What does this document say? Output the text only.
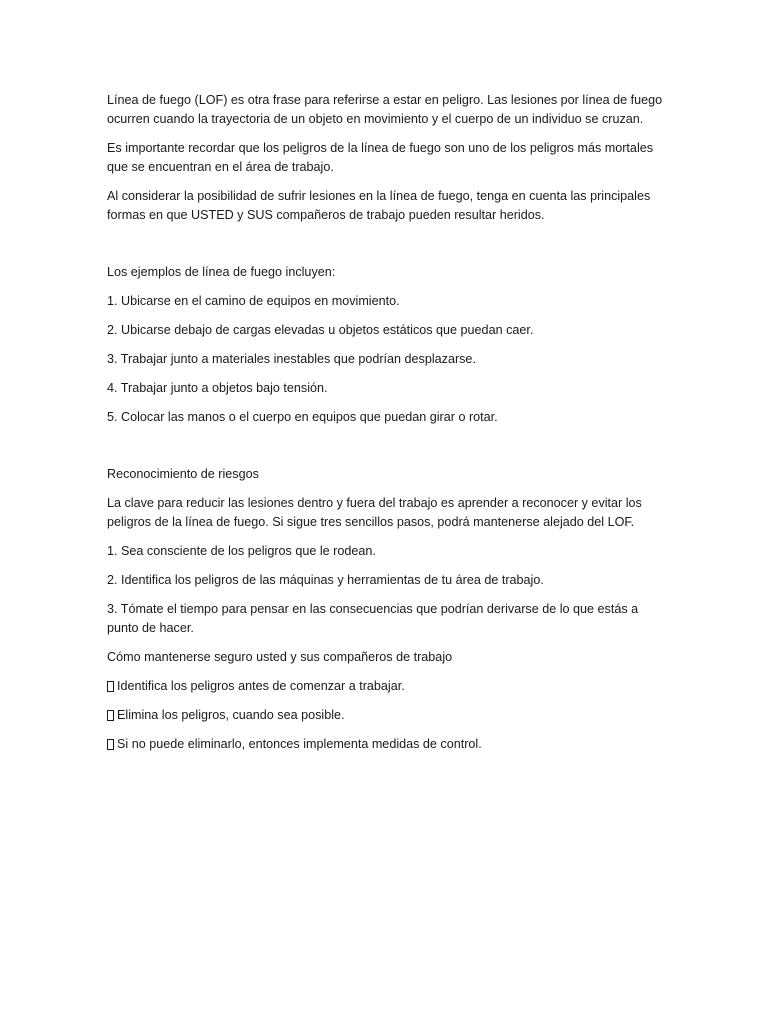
Línea de fuego (LOF) es otra frase para referirse a estar en peligro. Las lesiones por línea de fuego ocurren cuando la trayectoria de un objeto en movimiento y el cuerpo de un individuo se cruzan.

Es importante recordar que los peligros de la línea de fuego son uno de los peligros más mortales que se encuentran en el área de trabajo.

Al considerar la posibilidad de sufrir lesiones en la línea de fuego, tenga en cuenta las principales formas en que USTED y SUS compañeros de trabajo pueden resultar heridos.

Los ejemplos de línea de fuego incluyen:

1. Ubicarse en el camino de equipos en movimiento.

2. Ubicarse debajo de cargas elevadas u objetos estáticos que puedan caer.

3. Trabajar junto a materiales inestables que podrían desplazarse.

4. Trabajar junto a objetos bajo tensión.

5. Colocar las manos o el cuerpo en equipos que puedan girar o rotar.

Reconocimiento de riesgos

La clave para reducir las lesiones dentro y fuera del trabajo es aprender a reconocer y evitar los peligros de la línea de fuego. Si sigue tres sencillos pasos, podrá mantenerse alejado del LOF.

1. Sea consciente de los peligros que le rodean.

2. Identifica los peligros de las máquinas y herramientas de tu área de trabajo.

3. Tómate el tiempo para pensar en las consecuencias que podrían derivarse de lo que estás a punto de hacer.

Cómo mantenerse seguro usted y sus compañeros de trabajo

Identifica los peligros antes de comenzar a trabajar.
Elimina los peligros, cuando sea posible.
Si no puede eliminarlo, entonces implementa medidas de control.
